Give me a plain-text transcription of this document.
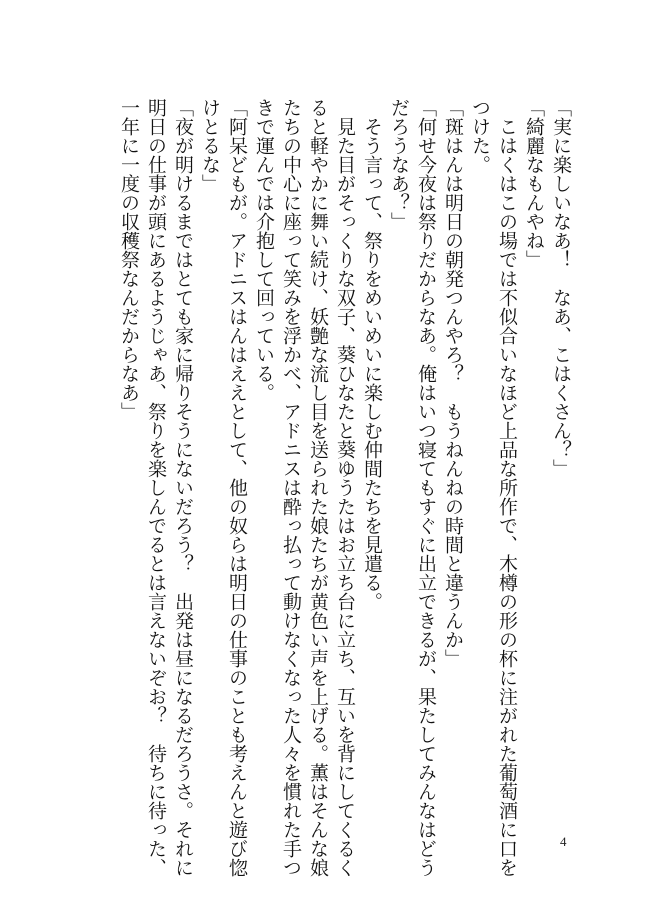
「実に楽しいなあ！　なあ、こはくさん？」
「綺麗なもんやね」
　こはくはこの場では不似合いなほど上品な所作で、木樽の形の杯に注がれた葡萄酒に口を
つけた。
「斑はんは明日の朝発つんやろ？　もうねんねの時間と違うんか」
「何せ今夜は祭りだからなあ。俺はいつ寝てもすぐに出立できるが、果たしてみんなはどう
だろうなあ？」
　そう言って、祭りをめいめいに楽しむ仲間たちを見遣る。
　見た目がそっくりな双子、葵ひなたと葵ゆうたはお立ち台に立ち、互いを背にしてくるく
ると軽やかに舞い続け、妖艶な流し目を送られた娘たちが黄色い声を上げる。薫はそんな娘
たちの中心に座って笑みを浮かべ、アドニスは酔っ払って動けなくなった人々を慣れた手つ
きで運んでは介抱して回っている。
「阿呆どもが。アドニスはんはええとして、他の奴らは明日の仕事のことも考えんと遊び惚
けとるな」
「夜が明けるまではとても家に帰りそうにないだろう？　出発は昼になるだろうさ。それに
明日の仕事が頭にあるようじゃあ、祭りを楽しんでるとは言えないぞお？　待ちに待った、
一年に一度の収穫祭なんだからなあ」
4
